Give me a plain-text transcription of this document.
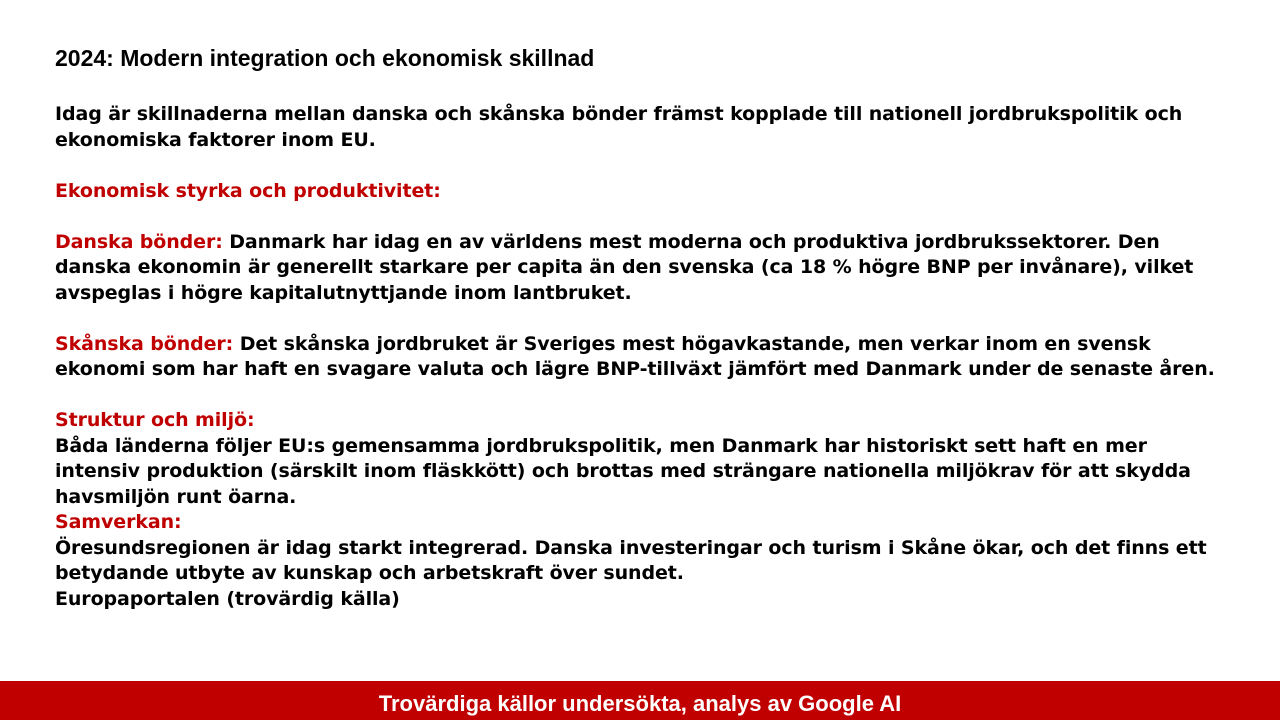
2024: Modern integration och ekonomisk skillnad

Idag är skillnaderna mellan danska och skånska bönder främst kopplade till nationell jordbrukspolitik och ekonomiska faktorer inom EU.

Ekonomisk styrka och produktivitet:

Danska bönder: Danmark har idag en av världens mest moderna och produktiva jordbrukssektorer. Den danska ekonomin är generellt starkare per capita än den svenska (ca 18 % högre BNP per invånare), vilket avspeglas i högre kapitalutnyttjande inom lantbruket.

Skånska bönder: Det skånska jordbruket är Sveriges mest högavkastande, men verkar inom en svensk ekonomi som har haft en svagare valuta och lägre BNP-tillväxt jämfört med Danmark under de senaste åren.

Struktur och miljö:

Båda länderna följer EU:s gemensamma jordbrukspolitik, men Danmark har historiskt sett haft en mer intensiv produktion (särskilt inom fläskkött) och brottas med strängare nationella miljökrav för att skydda havsmiljön runt öarna.

Samverkan:

Öresundsregionen är idag starkt integrerad. Danska investeringar och turism i Skåne ökar, och det finns ett betydande utbyte av kunskap och arbetskraft över sundet.

Europaportalen (trovärdig källa)

Trovärdiga källor undersökta, analys av Google AI
